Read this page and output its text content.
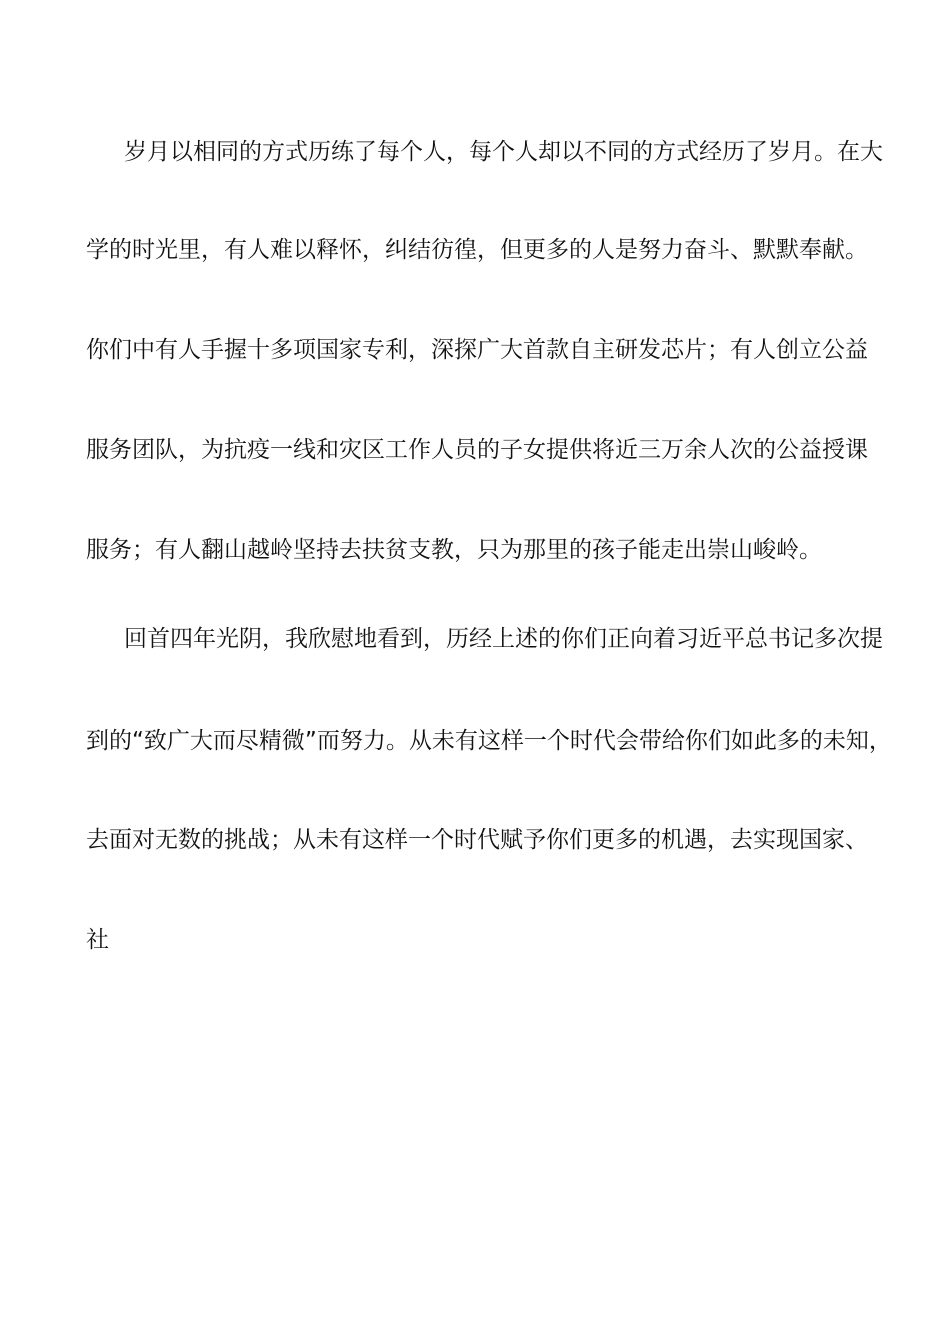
岁月以相同的方式历练了每个人，每个人却以不同的方式经历了岁月。在大
学的时光里，有人难以释怀，纠结彷徨，但更多的人是努力奋斗、默默奉献。
你们中有人手握十多项国家专利，深探广大首款自主研发芯片；有人创立公益
服务团队，为抗疫一线和灾区工作人员的子女提供将近三万余人次的公益授课
服务；有人翻山越岭坚持去扶贫支教，只为那里的孩子能走出崇山峻岭。
回首四年光阴，我欣慰地看到，历经上述的你们正向着习近平总书记多次提
到的“致广大而尽精微”而努力。从未有这样一个时代会带给你们如此多的未知，
去面对无数的挑战；从未有这样一个时代赋予你们更多的机遇，去实现国家、
社
